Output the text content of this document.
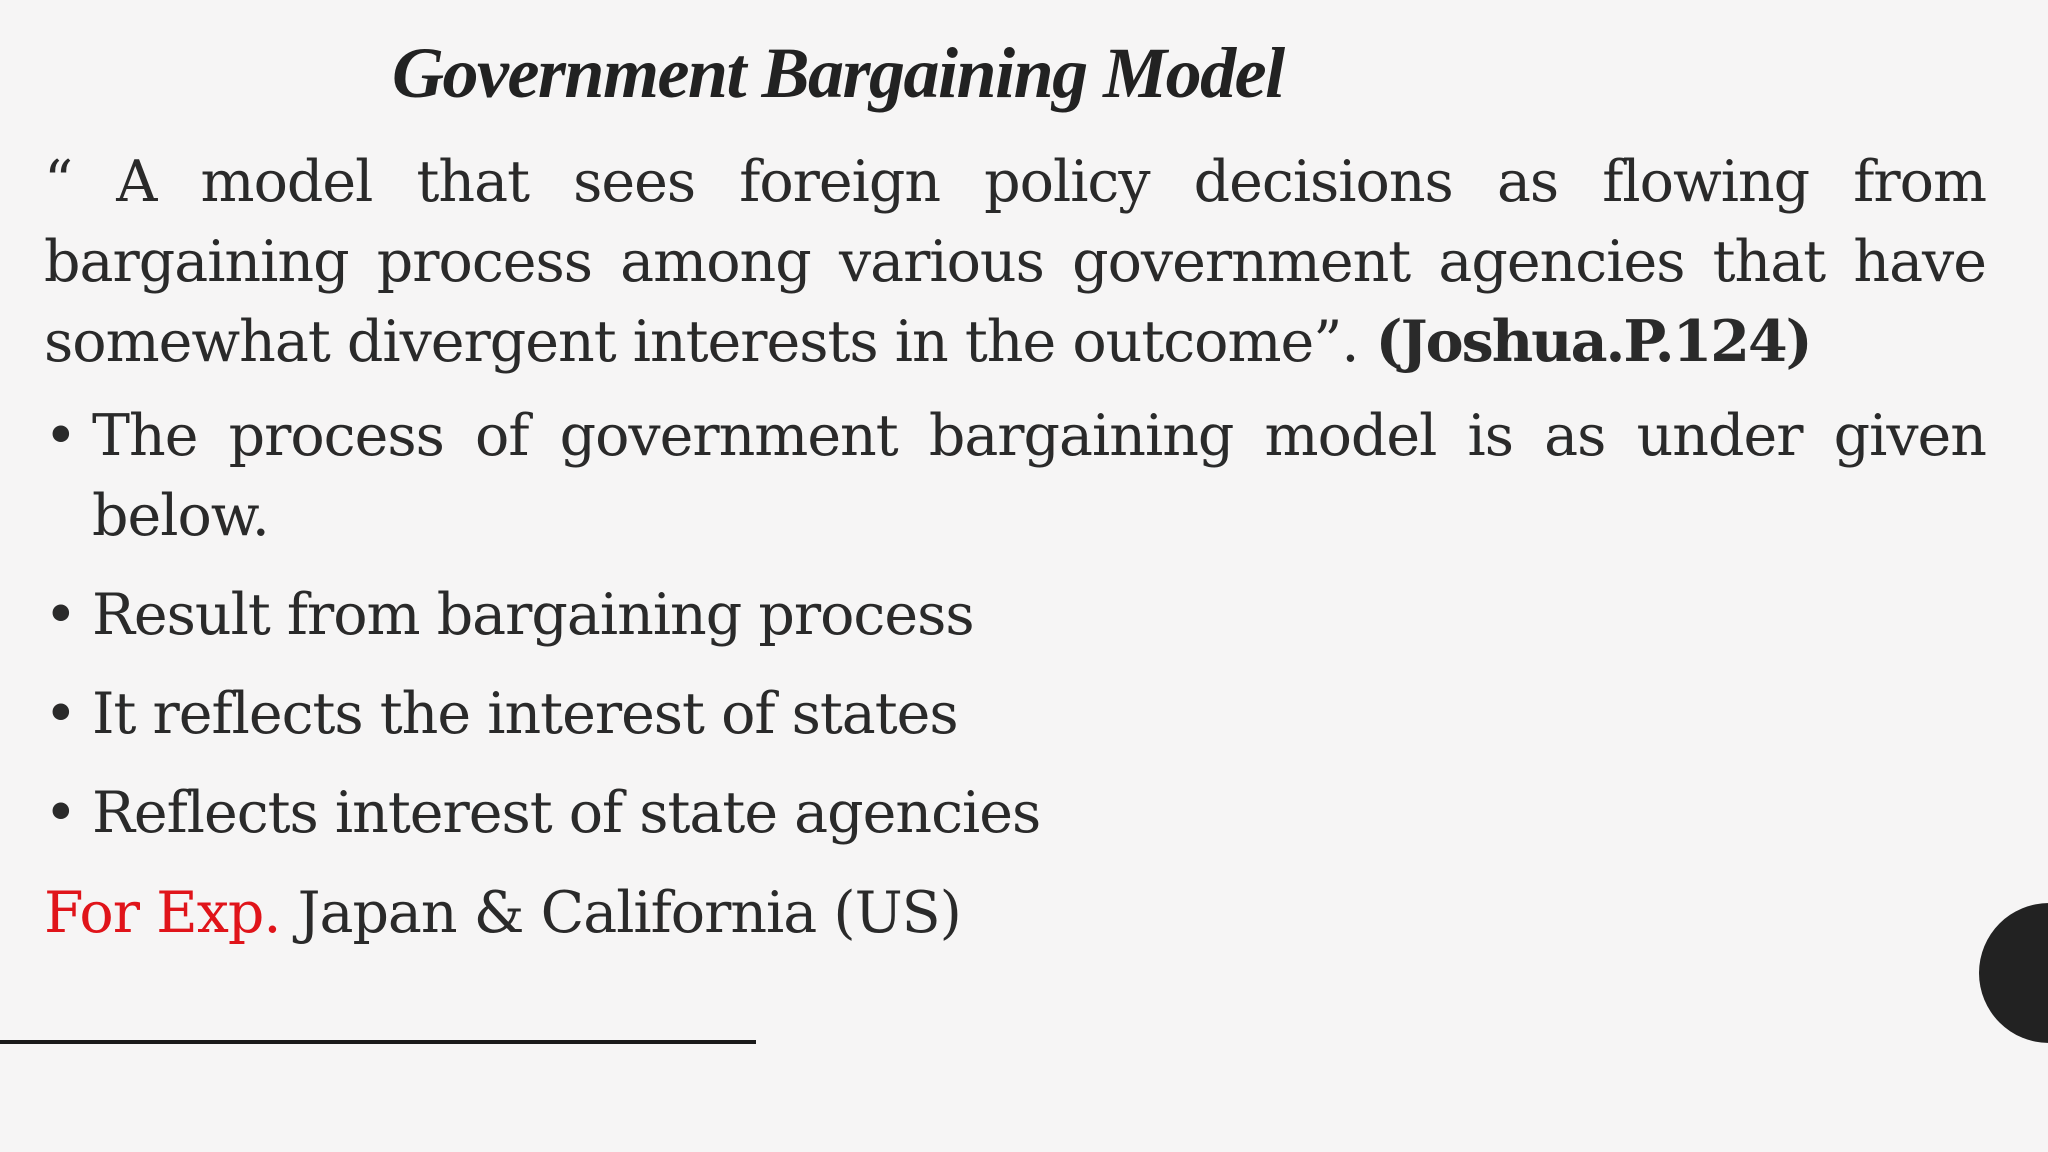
Government Bargaining Model

“ A model that sees foreign policy decisions as flowing from bargaining process among various government agencies that have somewhat divergent interests in the outcome”. (Joshua.P.124)

• The process of government bargaining model is as under given below.
• Result from bargaining process
• It reflects the interest of states
• Reflects interest of state agencies

For Exp. Japan & California (US)
